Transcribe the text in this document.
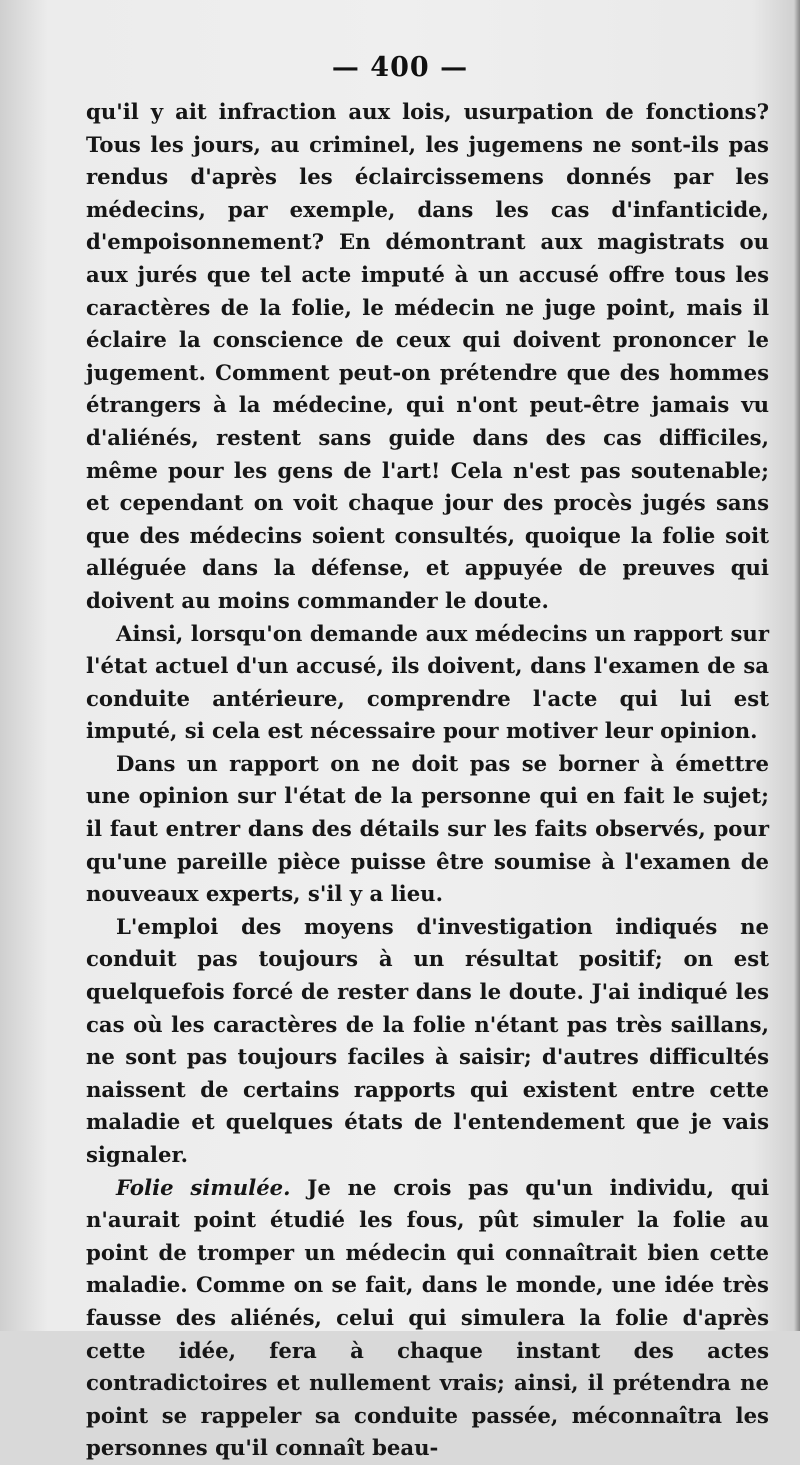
— 400 —

qu'il y ait infraction aux lois, usurpation de fonctions? Tous les jours, au criminel, les jugemens ne sont-ils pas rendus d'après les éclaircissemens donnés par les médecins, par exemple, dans les cas d'infanticide, d'empoisonnement? En démontrant aux magistrats ou aux jurés que tel acte imputé à un accusé offre tous les caractères de la folie, le médecin ne juge point, mais il éclaire la conscience de ceux qui doivent prononcer le jugement. Comment peut-on prétendre que des hommes étrangers à la médecine, qui n'ont peut-être jamais vu d'aliénés, restent sans guide dans des cas difficiles, même pour les gens de l'art! Cela n'est pas soutenable; et cependant on voit chaque jour des procès jugés sans que des médecins soient consultés, quoique la folie soit alléguée dans la défense, et appuyée de preuves qui doivent au moins commander le doute.

Ainsi, lorsqu'on demande aux médecins un rapport sur l'état actuel d'un accusé, ils doivent, dans l'examen de sa conduite antérieure, comprendre l'acte qui lui est imputé, si cela est nécessaire pour motiver leur opinion.

Dans un rapport on ne doit pas se borner à émettre une opinion sur l'état de la personne qui en fait le sujet; il faut entrer dans des détails sur les faits observés, pour qu'une pareille pièce puisse être soumise à l'examen de nouveaux experts, s'il y a lieu.

L'emploi des moyens d'investigation indiqués ne conduit pas toujours à un résultat positif; on est quelquefois forcé de rester dans le doute. J'ai indiqué les cas où les caractères de la folie n'étant pas très saillans, ne sont pas toujours faciles à saisir; d'autres difficultés naissent de certains rapports qui existent entre cette maladie et quelques états de l'entendement que je vais signaler.

Folie simulée. Je ne crois pas qu'un individu, qui n'aurait point étudié les fous, pût simuler la folie au point de tromper un médecin qui connaîtrait bien cette maladie. Comme on se fait, dans le monde, une idée très fausse des aliénés, celui qui simulera la folie d'après cette idée, fera à chaque instant des actes contradictoires et nullement vrais; ainsi, il prétendra ne point se rappeler sa conduite passée, méconnaîtra les personnes qu'il connaît beau-
